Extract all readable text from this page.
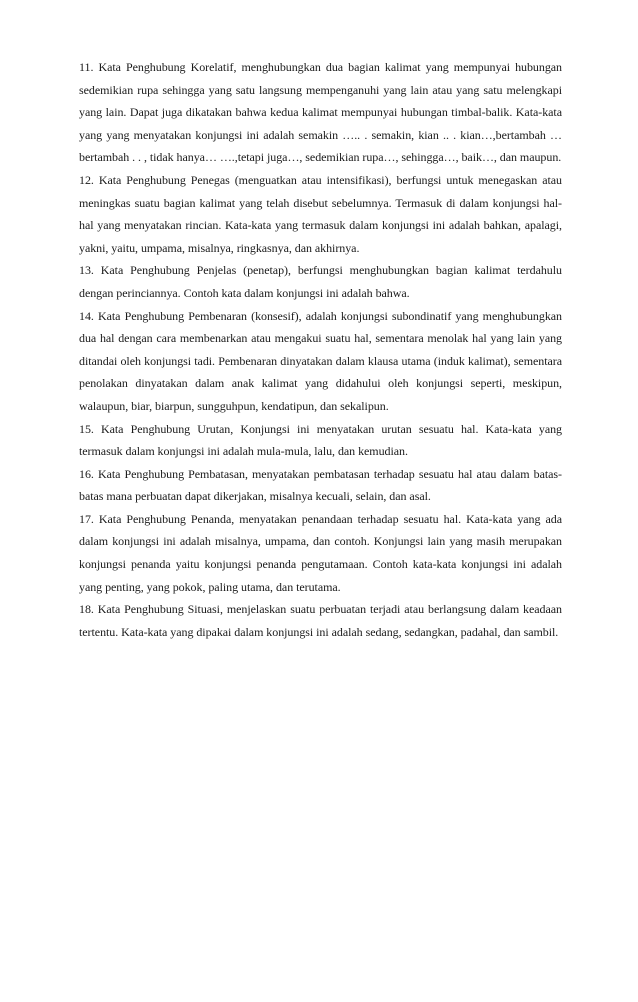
11. Kata Penghubung Korelatif, menghubungkan dua bagian kalimat yang mempunyai hubungan sedemikian rupa sehingga yang satu langsung mempenganuhi yang lain atau yang satu melengkapi yang lain. Dapat juga dikatakan bahwa kedua kalimat mempunyai hubungan timbal-balik. Kata-kata yang yang menyatakan konjungsi ini adalah semakin ….. . semakin, kian .. . kian…,bertambah … bertambah . . , tidak hanya… ….,tetapi juga…, sedemikian rupa…, sehingga…, baik…, dan maupun.

12. Kata Penghubung Penegas (menguatkan atau intensifikasi), berfungsi untuk menegaskan atau meningkas suatu bagian kalimat yang telah disebut sebelumnya. Termasuk di dalam konjungsi hal-hal yang menyatakan rincian. Kata-kata yang termasuk dalam konjungsi ini adalah bahkan, apalagi, yakni, yaitu, umpama, misalnya, ringkasnya, dan akhirnya.

13. Kata Penghubung Penjelas (penetap), berfungsi menghubungkan bagian kalimat terdahulu dengan perinciannya. Contoh kata dalam konjungsi ini adalah bahwa.

14. Kata Penghubung Pembenaran (konsesif), adalah konjungsi subondinatif yang menghubungkan dua hal dengan cara membenarkan atau mengakui suatu hal, sementara menolak hal yang lain yang ditandai oleh konjungsi tadi. Pembenaran dinyatakan dalam klausa utama (induk kalimat), sementara penolakan dinyatakan dalam anak kalimat yang didahului oleh konjungsi seperti, meskipun, walaupun, biar, biarpun, sungguhpun, kendatipun, dan sekalipun.

15. Kata Penghubung Urutan, Konjungsi ini menyatakan urutan sesuatu hal. Kata-kata yang termasuk dalam konjungsi ini adalah mula-mula, lalu, dan kemudian.

16. Kata Penghubung Pembatasan, menyatakan pembatasan terhadap sesuatu hal atau dalam batas-batas mana perbuatan dapat dikerjakan, misalnya kecuali, selain, dan asal.

17. Kata Penghubung Penanda, menyatakan penandaan terhadap sesuatu hal. Kata-kata yang ada dalam konjungsi ini adalah misalnya, umpama, dan contoh. Konjungsi lain yang masih merupakan konjungsi penanda yaitu konjungsi penanda pengutamaan. Contoh kata-kata konjungsi ini adalah yang penting, yang pokok, paling utama, dan terutama.

18. Kata Penghubung Situasi, menjelaskan suatu perbuatan terjadi atau berlangsung dalam keadaan tertentu. Kata-kata yang dipakai dalam konjungsi ini adalah sedang, sedangkan, padahal, dan sambil.
